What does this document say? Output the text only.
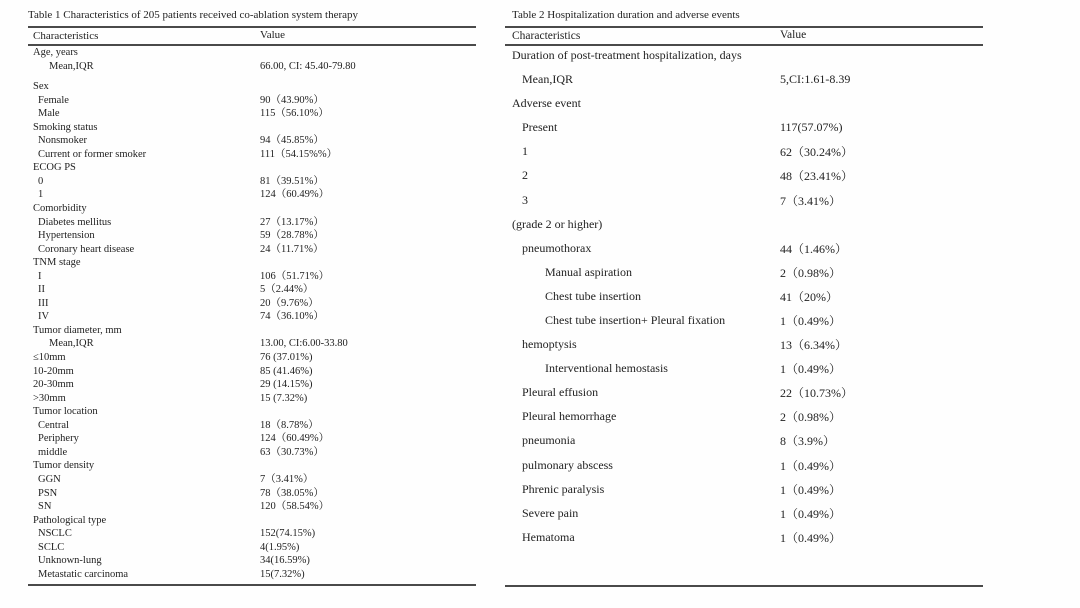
Table 1 Characteristics of 205 patients received co-ablation system therapy
Characteristics	Value
Age, years
Mean,IQR	66.00, CI: 45.40-79.80
Sex
Female	90（43.90%）
Male	115（56.10%）
Smoking status
Nonsmoker	94（45.85%）
Current or former smoker	111（54.15%%）
ECOG PS
0	81（39.51%）
1	124（60.49%）
Comorbidity
Diabetes mellitus	27（13.17%）
Hypertension	59（28.78%）
Coronary heart disease	24（11.71%）
TNM stage
I	106（51.71%）
II	5（2.44%）
III	20（9.76%）
IV	74（36.10%）
Tumor diameter, mm
Mean,IQR	13.00, CI:6.00-33.80
≤10mm	76 (37.01%)
10-20mm	85 (41.46%)
20-30mm	29 (14.15%)
>30mm	15 (7.32%)
Tumor location
Central	18（8.78%）
Periphery	124（60.49%）
middle	63（30.73%）
Tumor density
GGN	7（3.41%）
PSN	78（38.05%）
SN	120（58.54%）
Pathological type
NSCLC	152(74.15%)
SCLC	4(1.95%)
Unknown-lung	34(16.59%)
Metastatic carcinoma	15(7.32%)
Table 2 Hospitalization duration and adverse events
Characteristics	Value
Duration of post-treatment hospitalization, days
Mean,IQR	5,CI:1.61-8.39
Adverse event
Present	117(57.07%)
1	62（30.24%）
2	48（23.41%）
3	7（3.41%）
(grade 2 or higher)
pneumothorax	44（1.46%）
Manual aspiration	2（0.98%）
Chest tube insertion	41（20%）
Chest tube insertion+ Pleural fixation	1（0.49%）
hemoptysis	13（6.34%）
Interventional hemostasis	1（0.49%）
Pleural effusion	22（10.73%）
Pleural hemorrhage	2（0.98%）
pneumonia	8（3.9%）
pulmonary abscess	1（0.49%）
Phrenic paralysis	1（0.49%）
Severe pain	1（0.49%）
Hematoma	1（0.49%）
